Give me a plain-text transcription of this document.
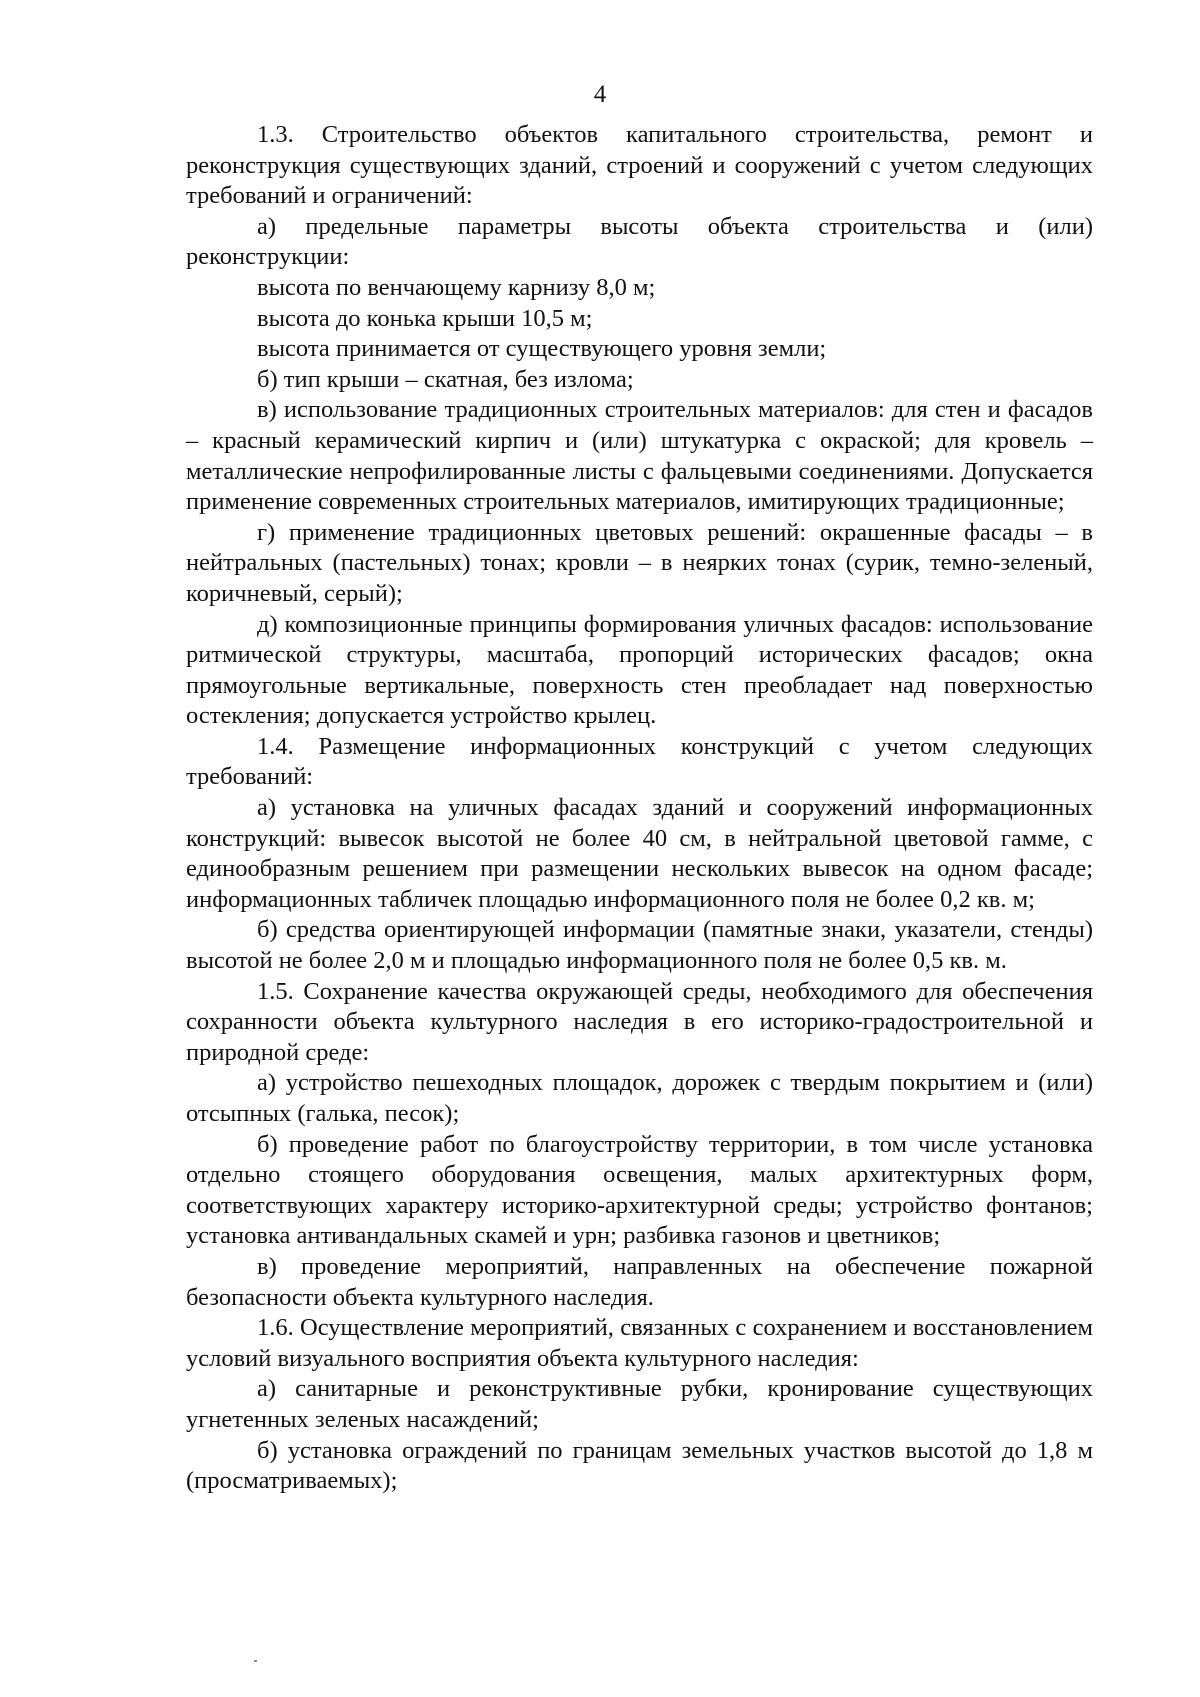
4

1.3. Строительство объектов капитального строительства, ремонт и реконструкция существующих зданий, строений и сооружений с учетом следующих требований и ограничений:

а) предельные параметры высоты объекта строительства и (или) реконструкции:

высота по венчающему карнизу 8,0 м;

высота до конька крыши 10,5 м;

высота принимается от существующего уровня земли;

б) тип крыши – скатная, без излома;

в) использование традиционных строительных материалов: для стен и фасадов – красный керамический кирпич и (или) штукатурка с окраской; для кровель – металлические непрофилированные листы с фальцевыми соединениями. Допускается применение современных строительных материалов, имитирующих традиционные;

г) применение традиционных цветовых решений: окрашенные фасады – в нейтральных (пастельных) тонах; кровли – в неярких тонах (сурик, темно-зеленый, коричневый, серый);

д) композиционные принципы формирования уличных фасадов: использование ритмической структуры, масштаба, пропорций исторических фасадов; окна прямоугольные вертикальные, поверхность стен преобладает над поверхностью остекления; допускается устройство крылец.

1.4. Размещение информационных конструкций с учетом следующих требований:

а) установка на уличных фасадах зданий и сооружений информационных конструкций: вывесок высотой не более 40 см, в нейтральной цветовой гамме, с единообразным решением при размещении нескольких вывесок на одном фасаде; информационных табличек площадью информационного поля не более 0,2 кв. м;

б) средства ориентирующей информации (памятные знаки, указатели, стенды) высотой не более 2,0 м и площадью информационного поля не более 0,5 кв. м.

1.5. Сохранение качества окружающей среды, необходимого для обеспечения сохранности объекта культурного наследия в его историко-градостроительной и природной среде:

а) устройство пешеходных площадок, дорожек с твердым покрытием и (или) отсыпных (галька, песок);

б) проведение работ по благоустройству территории, в том числе установка отдельно стоящего оборудования освещения, малых архитектурных форм, соответствующих характеру историко-архитектурной среды; устройство фонтанов; установка антивандальных скамей и урн; разбивка газонов и цветников;

в) проведение мероприятий, направленных на обеспечение пожарной безопасности объекта культурного наследия.

1.6. Осуществление мероприятий, связанных с сохранением и восстановлением условий визуального восприятия объекта культурного наследия:

а) санитарные и реконструктивные рубки, кронирование существующих угнетенных зеленых насаждений;

б) установка ограждений по границам земельных участков высотой до 1,8 м (просматриваемых);
